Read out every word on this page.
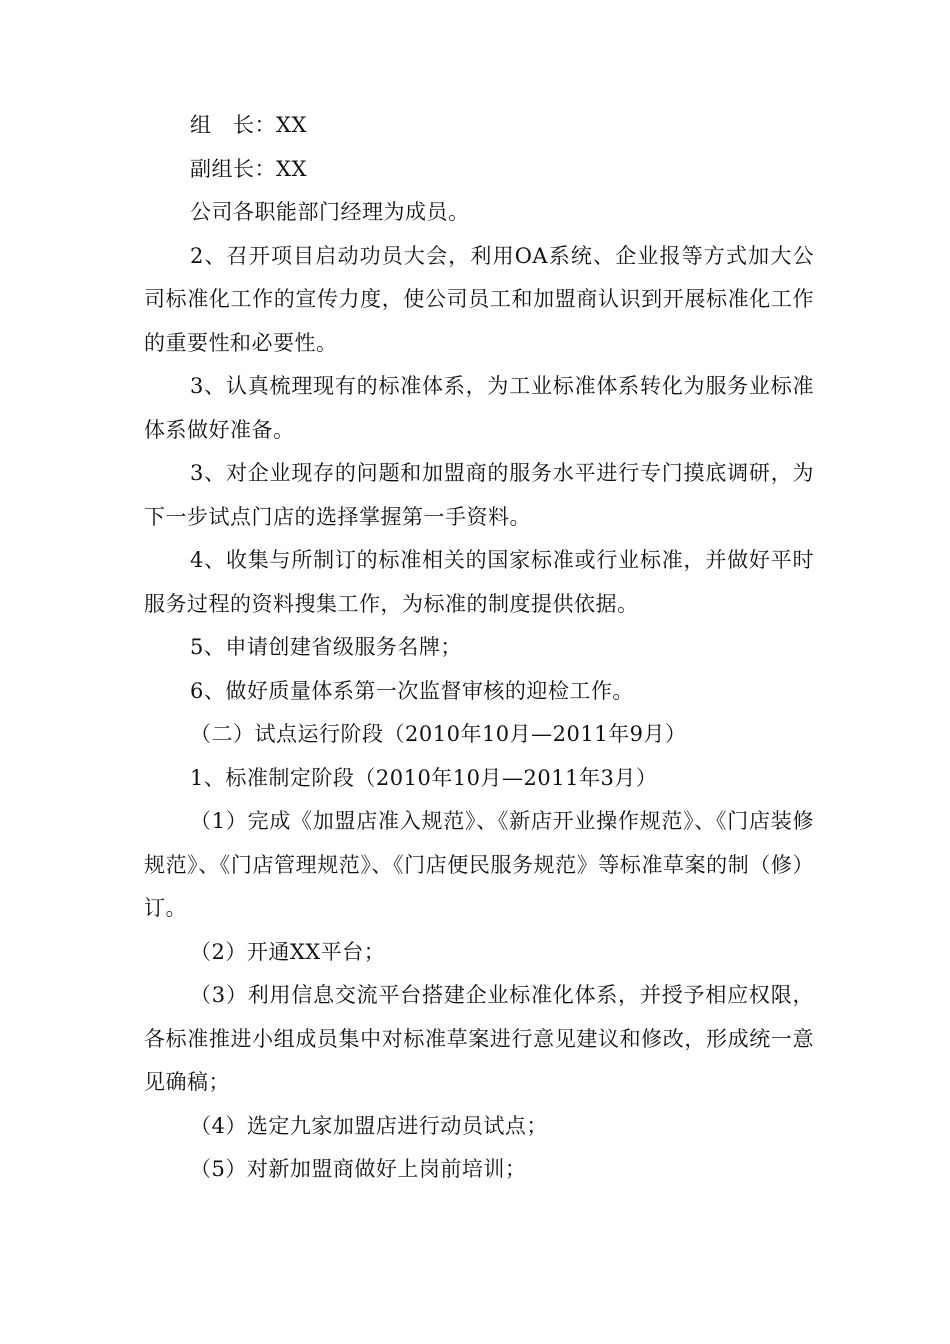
组　长：XX

副组长：XX

公司各职能部门经理为成员。

2、召开项目启动功员大会，利用OA系统、企业报等方式加大公司标准化工作的宣传力度，使公司员工和加盟商认识到开展标准化工作的重要性和必要性。

3、认真梳理现有的标准体系，为工业标准体系转化为服务业标准体系做好准备。

3、对企业现存的问题和加盟商的服务水平进行专门摸底调研，为下一步试点门店的选择掌握第一手资料。

4、收集与所制订的标准相关的国家标准或行业标准，并做好平时服务过程的资料搜集工作，为标准的制度提供依据。

5、申请创建省级服务名牌；

6、做好质量体系第一次监督审核的迎检工作。

（二）试点运行阶段（2010年10月—2011年9月）

1、标准制定阶段（2010年10月—2011年3月）

（1）完成《加盟店准入规范》、《新店开业操作规范》、《门店装修规范》、《门店管理规范》、《门店便民服务规范》等标准草案的制（修）订。

（2）开通XX平台；

（3）利用信息交流平台搭建企业标准化体系，并授予相应权限，各标准推进小组成员集中对标准草案进行意见建议和修改，形成统一意见确稿；

（4）选定九家加盟店进行动员试点；

（5）对新加盟商做好上岗前培训；
